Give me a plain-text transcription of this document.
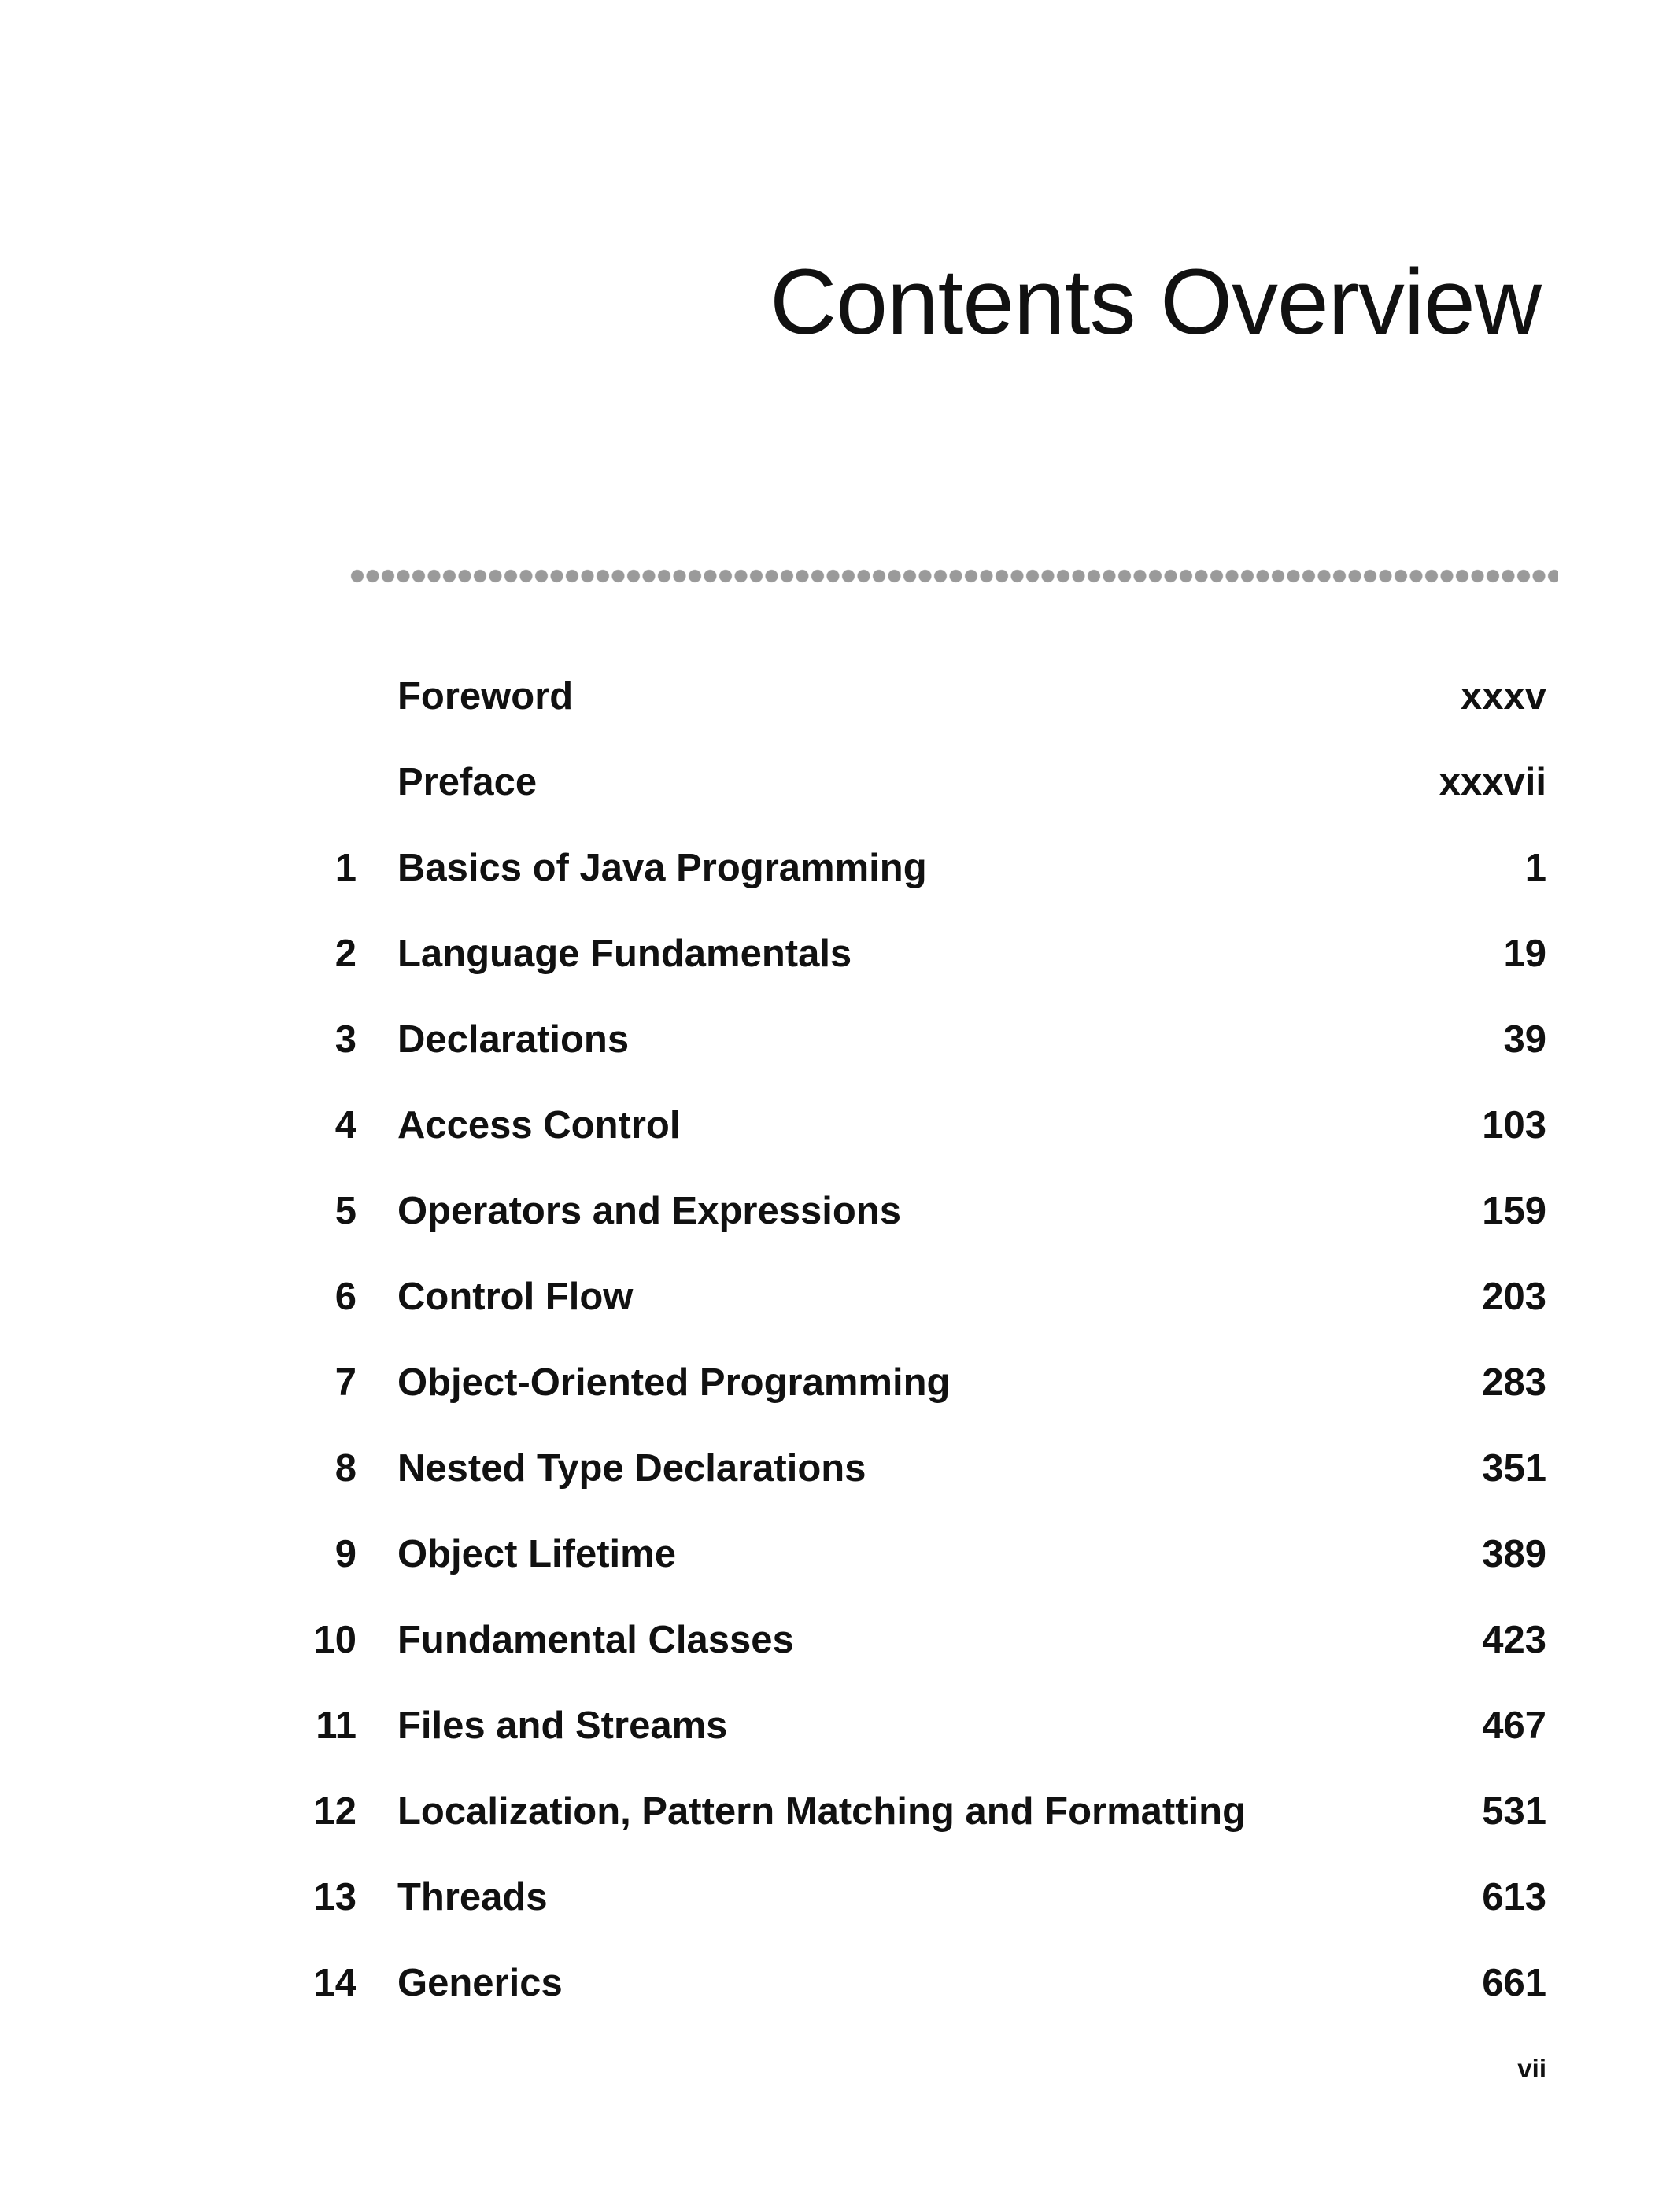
Contents Overview
Foreword	xxxv
Preface	xxxvii
1 Basics of Java Programming	1
2 Language Fundamentals	19
3 Declarations	39
4 Access Control	103
5 Operators and Expressions	159
6 Control Flow	203
7 Object-Oriented Programming	283
8 Nested Type Declarations	351
9 Object Lifetime	389
10 Fundamental Classes	423
11 Files and Streams	467
12 Localization, Pattern Matching and Formatting	531
13 Threads	613
14 Generics	661
vii
